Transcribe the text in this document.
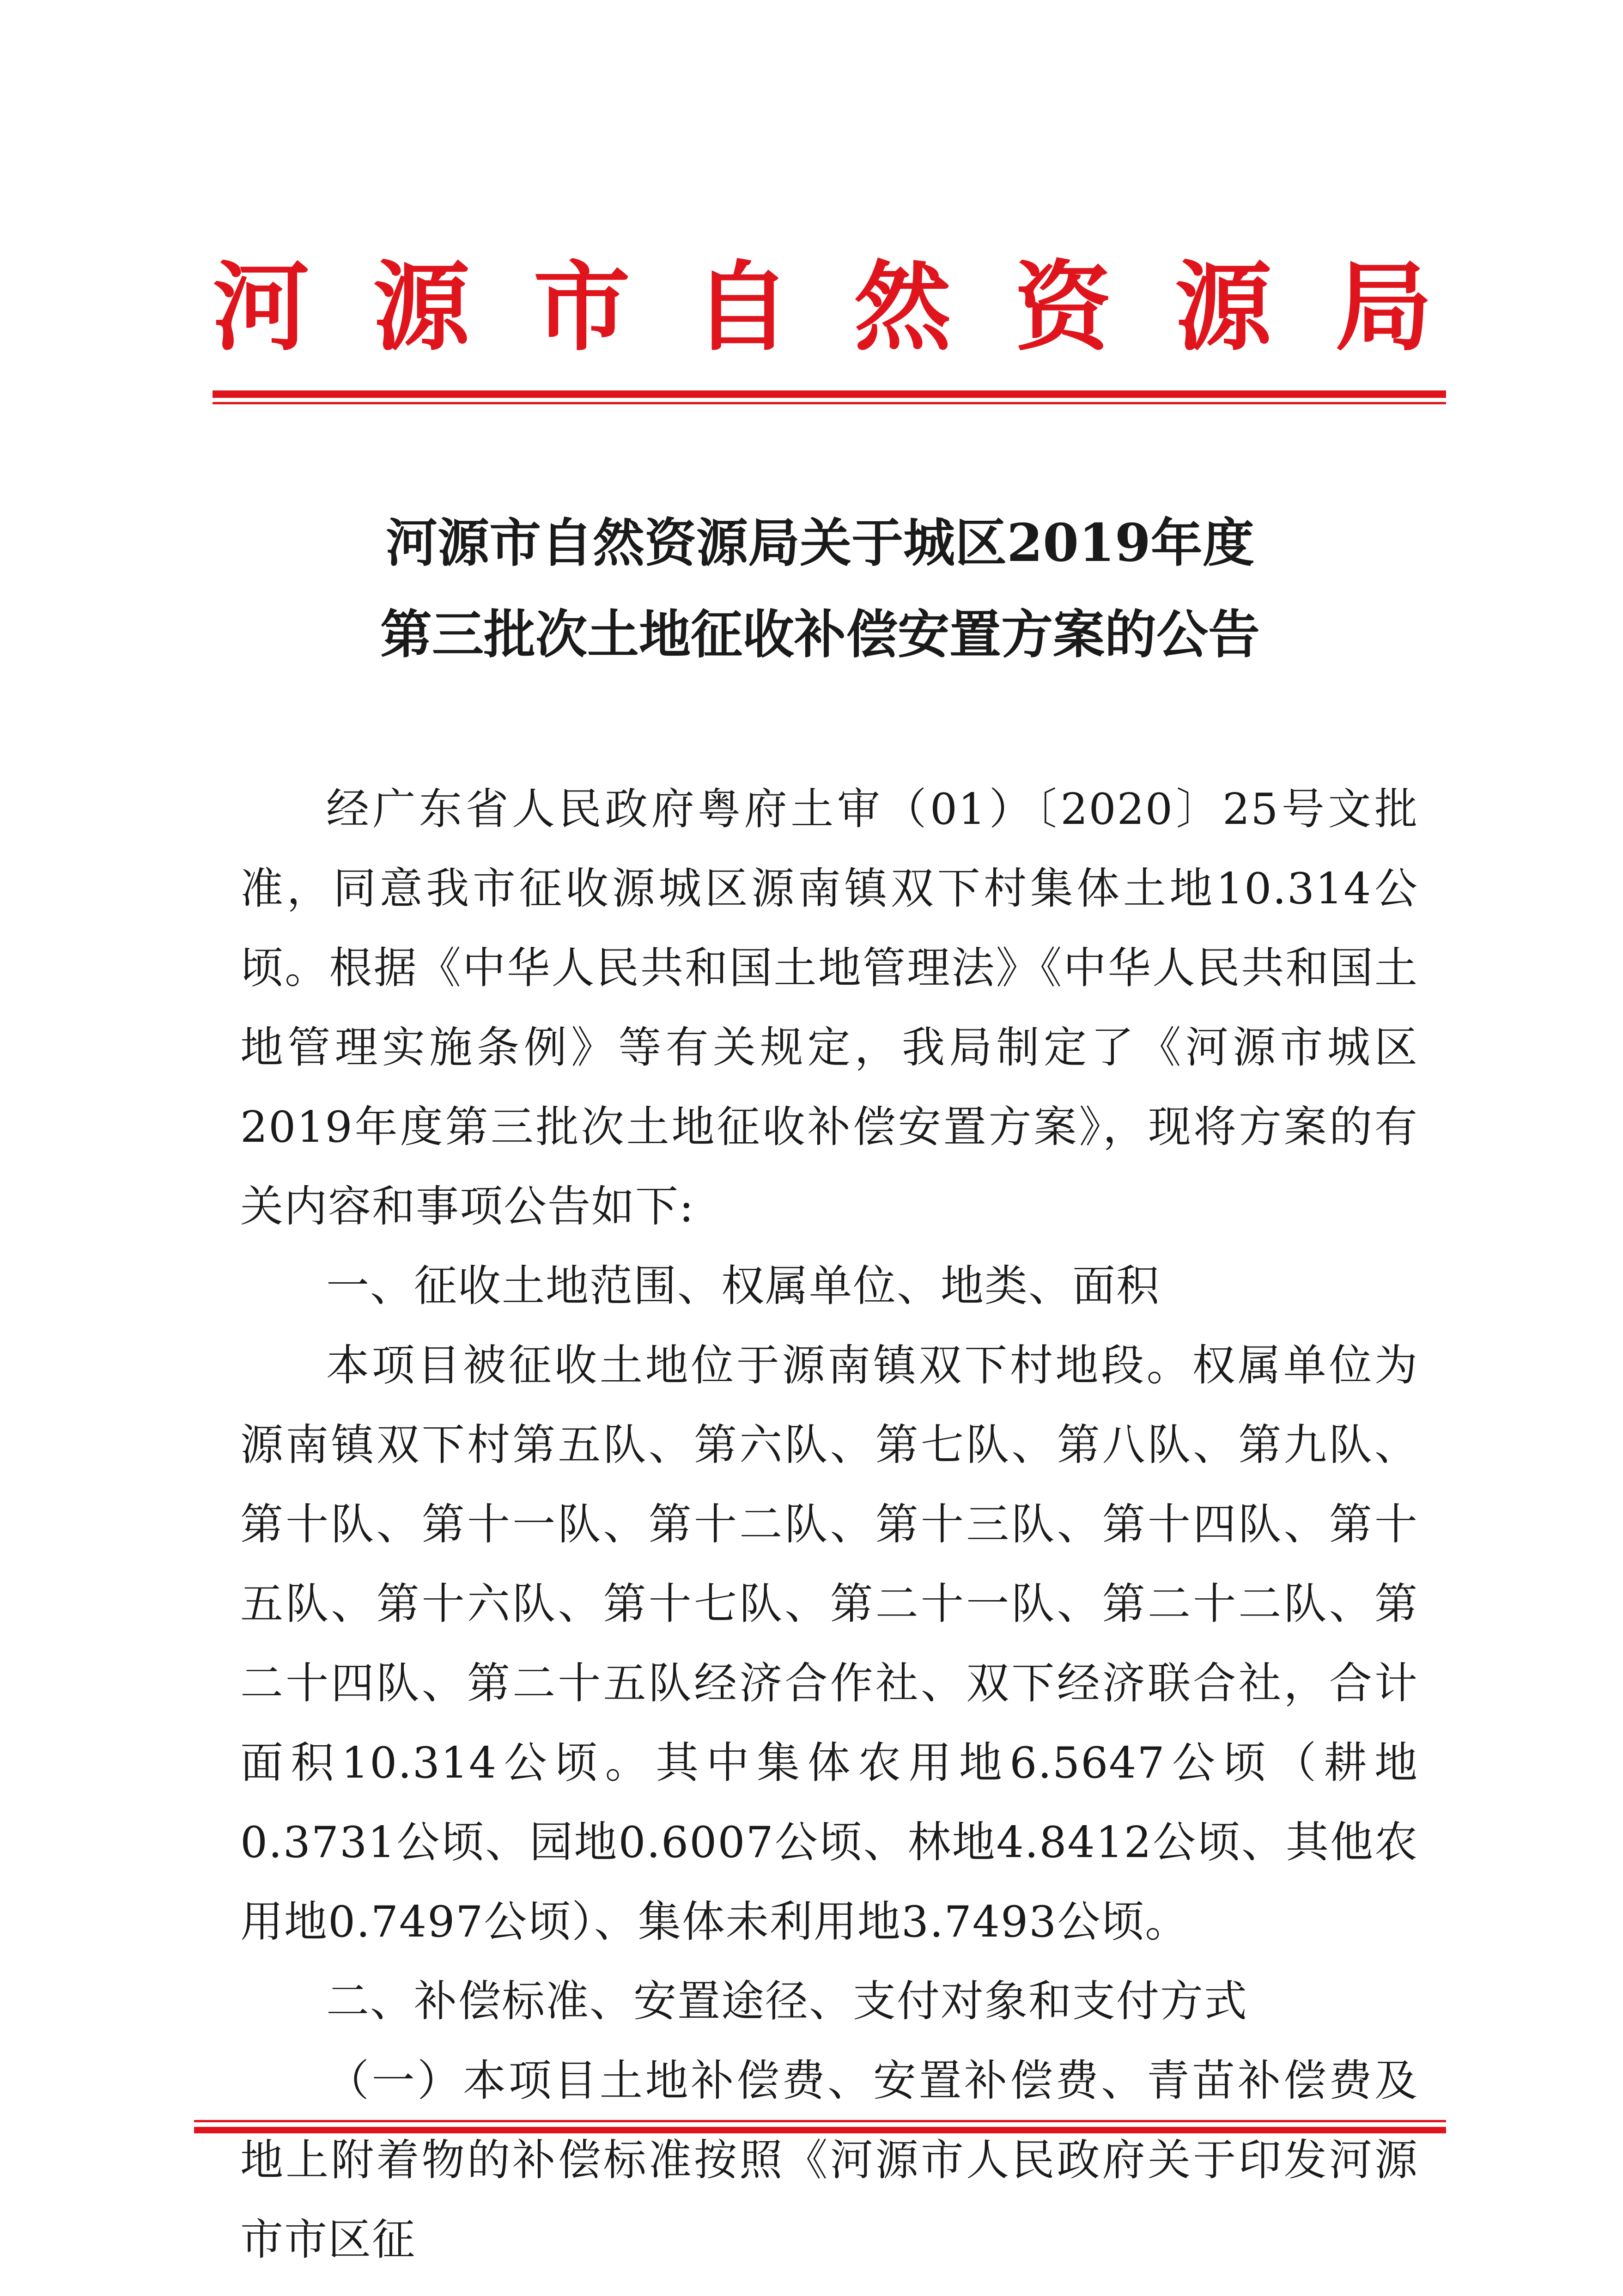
河 源 市 自 然 资 源 局
河源市自然资源局关于城区2019年度
第三批次土地征收补偿安置方案的公告

经广东省人民政府粤府土审（01）〔2020〕25号文批准，同意我市征收源城区源南镇双下村集体土地10.314公顷。根据《中华人民共和国土地管理法》《中华人民共和国土地管理实施条例》等有关规定，我局制定了《河源市城区2019年度第三批次土地征收补偿安置方案》，现将方案的有关内容和事项公告如下:

一、征收土地范围、权属单位、地类、面积

本项目被征收土地位于源南镇双下村地段。权属单位为源南镇双下村第五队、第六队、第七队、第八队、第九队、第十队、第十一队、第十二队、第十三队、第十四队、第十五队、第十六队、第十七队、第二十一队、第二十二队、第二十四队、第二十五队经济合作社、双下经济联合社，合计面积10.314公顷。其中集体农用地6.5647公顷（耕地0.3731公顷、园地0.6007公顷、林地4.8412公顷、其他农用地0.7497公顷）、集体未利用地3.7493公顷。

二、补偿标准、安置途径、支付对象和支付方式

（一）本项目土地补偿费、安置补偿费、青苗补偿费及地上附着物的补偿标准按照《河源市人民政府关于印发河源市市区征
